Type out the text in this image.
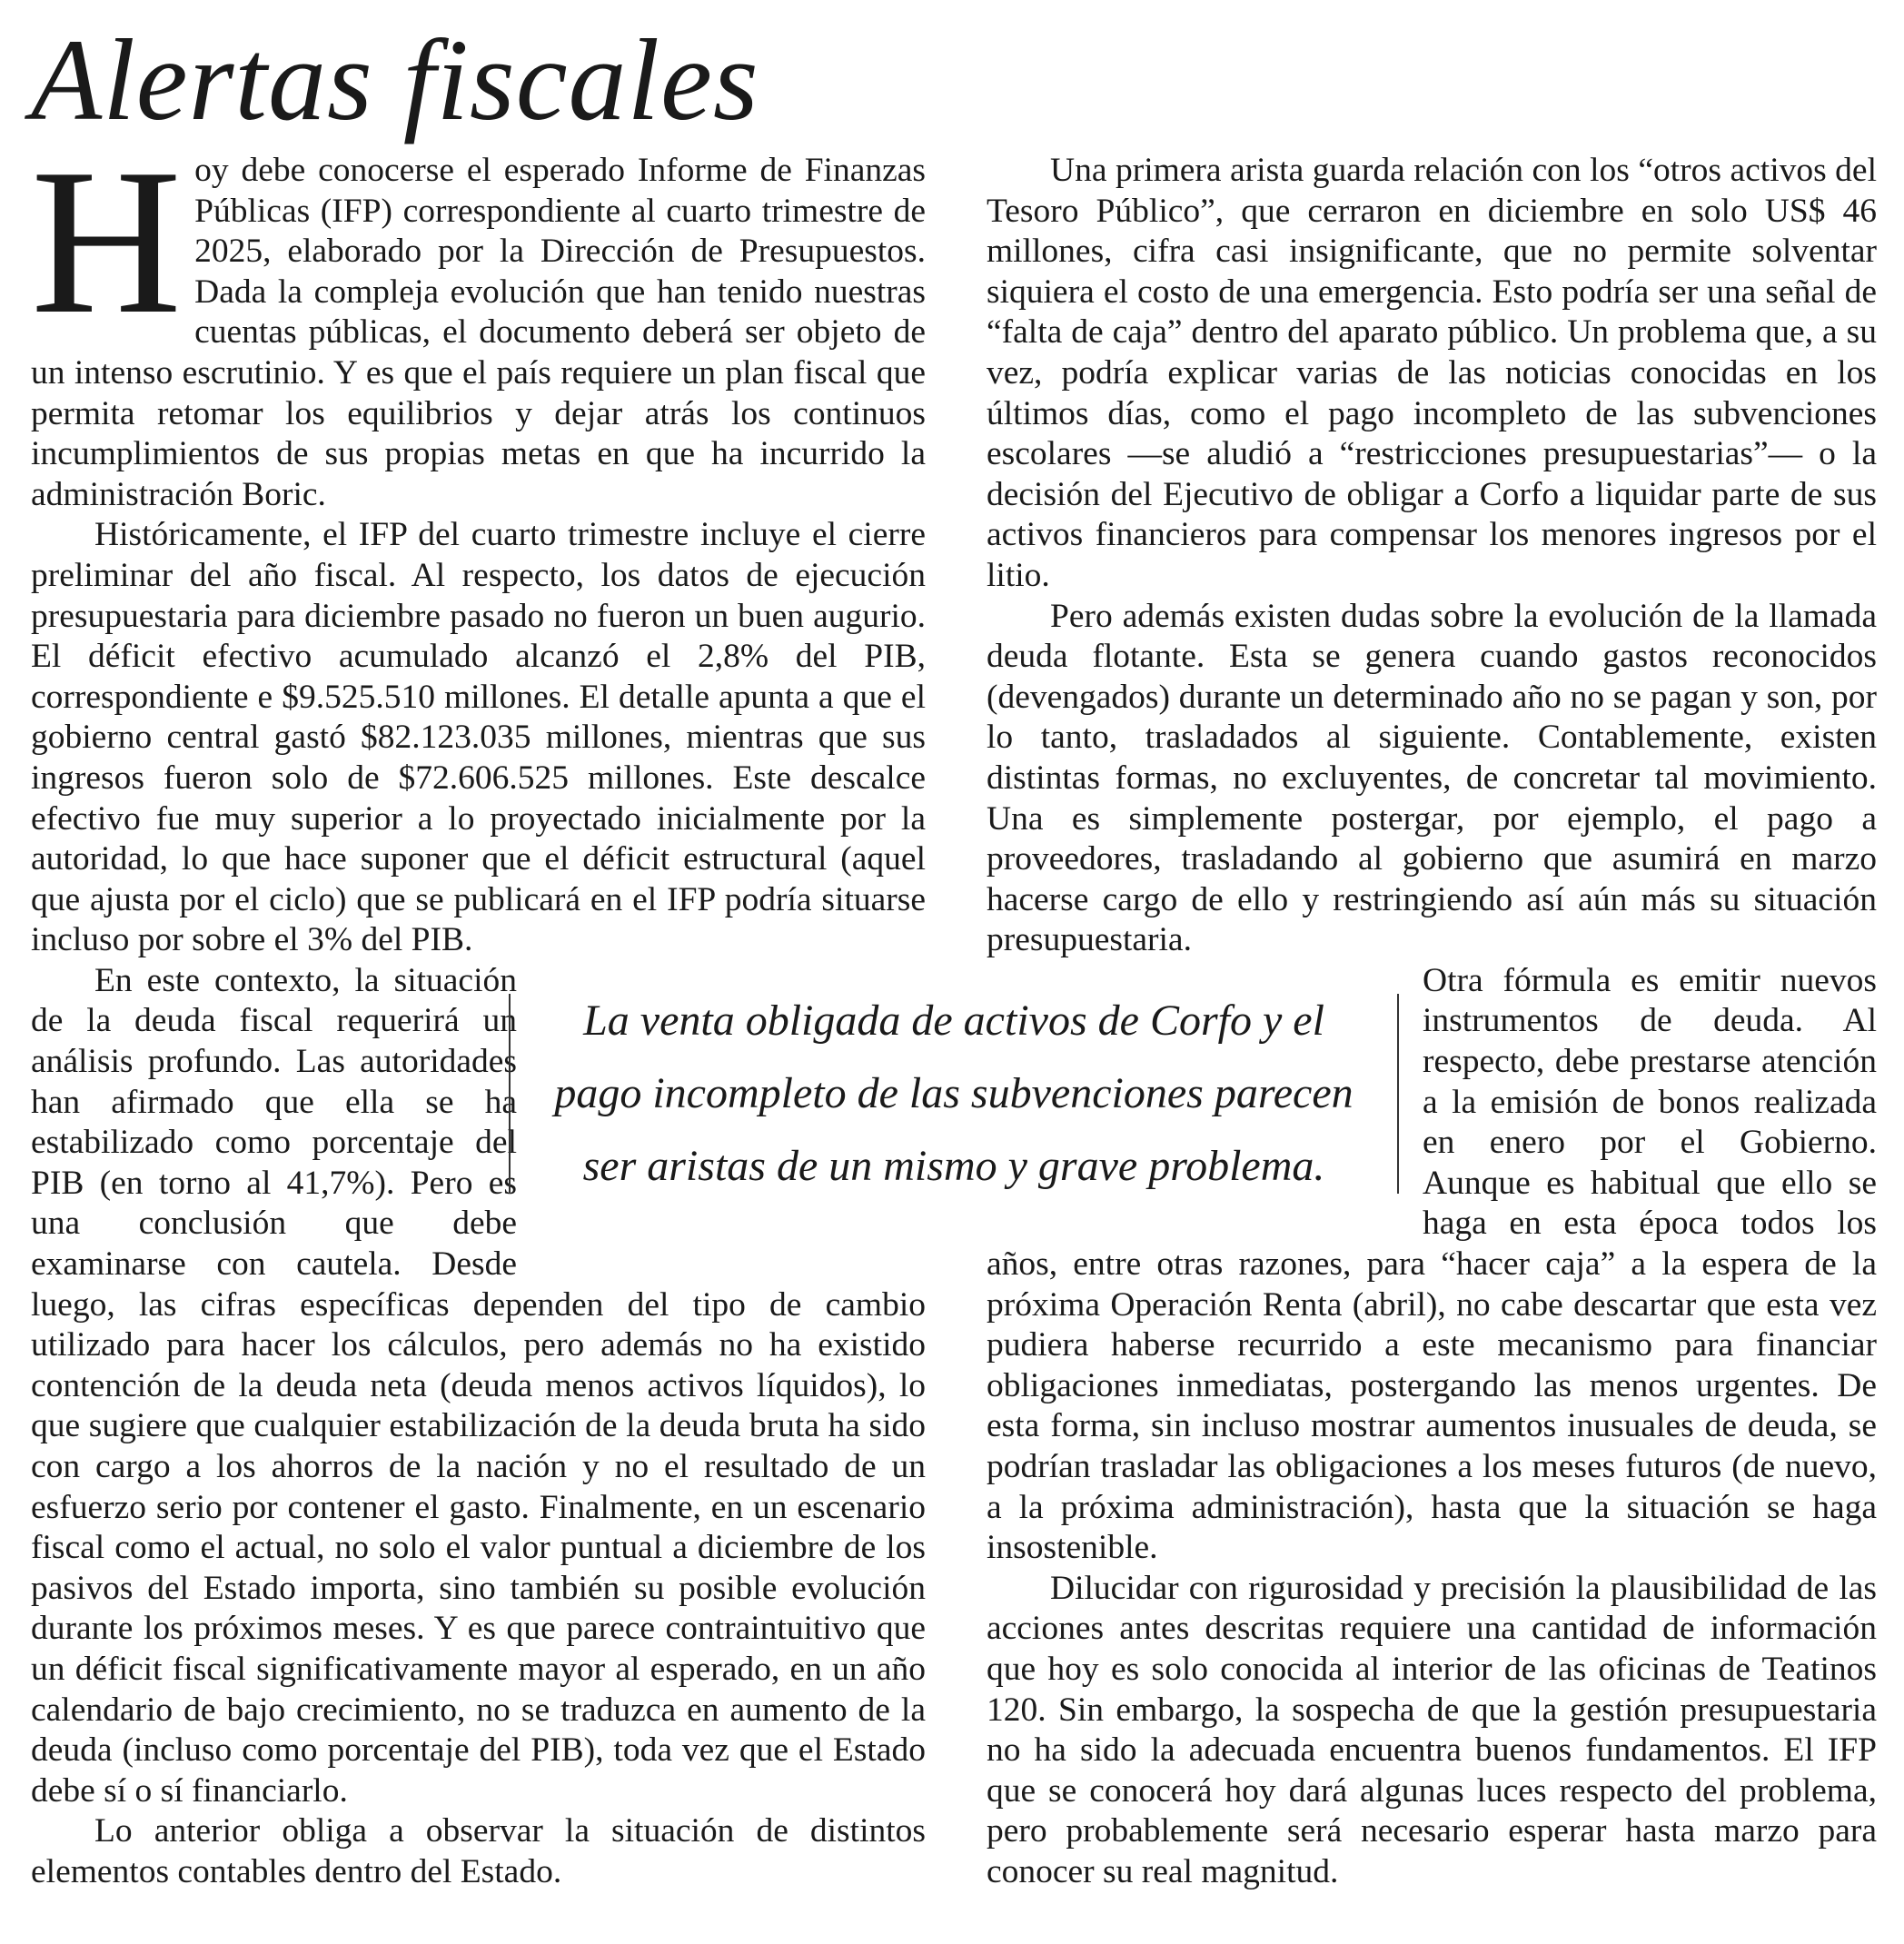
Alertas fiscales

Hoy debe conocerse el esperado Informe de Finanzas Públicas (IFP) correspondiente al cuarto trimestre de 2025, elaborado por la Dirección de Presupuestos. Dada la compleja evolución que han tenido nuestras cuentas públicas, el documento deberá ser objeto de un intenso escrutinio. Y es que el país requiere un plan fiscal que permita retomar los equilibrios y dejar atrás los continuos incumplimientos de sus propias metas en que ha incurrido la administración Boric.

Históricamente, el IFP del cuarto trimestre incluye el cierre preliminar del año fiscal. Al respecto, los datos de ejecución presupuestaria para diciembre pasado no fueron un buen augurio. El déficit efectivo acumulado alcanzó el 2,8% del PIB, correspondiente e $9.525.510 millones. El detalle apunta a que el gobierno central gastó $82.123.035 millones, mientras que sus ingresos fueron solo de $72.606.525 millones. Este descalce efectivo fue muy superior a lo proyectado inicialmente por la autoridad, lo que hace suponer que el déficit estructural (aquel que ajusta por el ciclo) que se publicará en el IFP podría situarse incluso por sobre el 3% del PIB.

En este contexto, la situación de la deuda fiscal requerirá un análisis profundo. Las autoridades han afirmado que ella se ha estabilizado como porcentaje del PIB (en torno al 41,7%). Pero es una conclusión que debe examinarse con cautela. Desde luego, las cifras específicas dependen del tipo de cambio utilizado para hacer los cálculos, pero además no ha existido contención de la deuda neta (deuda menos activos líquidos), lo que sugiere que cualquier estabilización de la deuda bruta ha sido con cargo a los ahorros de la nación y no el resultado de un esfuerzo serio por contener el gasto. Finalmente, en un escenario fiscal como el actual, no solo el valor puntual a diciembre de los pasivos del Estado importa, sino también su posible evolución durante los próximos meses. Y es que parece contraintuitivo que un déficit fiscal significativamente mayor al esperado, en un año calendario de bajo crecimiento, no se traduzca en aumento de la deuda (incluso como porcentaje del PIB), toda vez que el Estado debe sí o sí financiarlo.

Lo anterior obliga a observar la situación de distintos elementos contables dentro del Estado.

Una primera arista guarda relación con los “otros activos del Tesoro Público”, que cerraron en diciembre en solo US$ 46 millones, cifra casi insignificante, que no permite solventar siquiera el costo de una emergencia. Esto podría ser una señal de “falta de caja” dentro del aparato público. Un problema que, a su vez, podría explicar varias de las noticias conocidas en los últimos días, como el pago incompleto de las subvenciones escolares —se aludió a “restricciones presupuestarias”— o la decisión del Ejecutivo de obligar a Corfo a liquidar parte de sus activos financieros para compensar los menores ingresos por el litio.

Pero además existen dudas sobre la evolución de la llamada deuda flotante. Esta se genera cuando gastos reconocidos (devengados) durante un determinado año no se pagan y son, por lo tanto, trasladados al siguiente. Contablemente, existen distintas formas, no excluyentes, de concretar tal movimiento. Una es simplemente postergar, por ejemplo, el pago a proveedores, trasladando al gobierno que asumirá en marzo hacerse cargo de ello y restringiendo así aún más su situación presupuestaria.

Otra fórmula es emitir nuevos instrumentos de deuda. Al respecto, debe prestarse atención a la emisión de bonos realizada en enero por el Gobierno. Aunque es habitual que ello se haga en esta época todos los años, entre otras razones, para “hacer caja” a la espera de la próxima Operación Renta (abril), no cabe descartar que esta vez pudiera haberse recurrido a este mecanismo para financiar obligaciones inmediatas, postergando las menos urgentes. De esta forma, sin incluso mostrar aumentos inusuales de deuda, se podrían trasladar las obligaciones a los meses futuros (de nuevo, a la próxima administración), hasta que la situación se haga insostenible.

Dilucidar con rigurosidad y precisión la plausibilidad de las acciones antes descritas requiere una cantidad de información que hoy es solo conocida al interior de las oficinas de Teatinos 120. Sin embargo, la sospecha de que la gestión presupuestaria no ha sido la adecuada encuentra buenos fundamentos. El IFP que se conocerá hoy dará algunas luces respecto del problema, pero probablemente será necesario esperar hasta marzo para conocer su real magnitud.

La venta obligada de activos de Corfo y el pago incompleto de las subvenciones parecen ser aristas de un mismo y grave problema.
